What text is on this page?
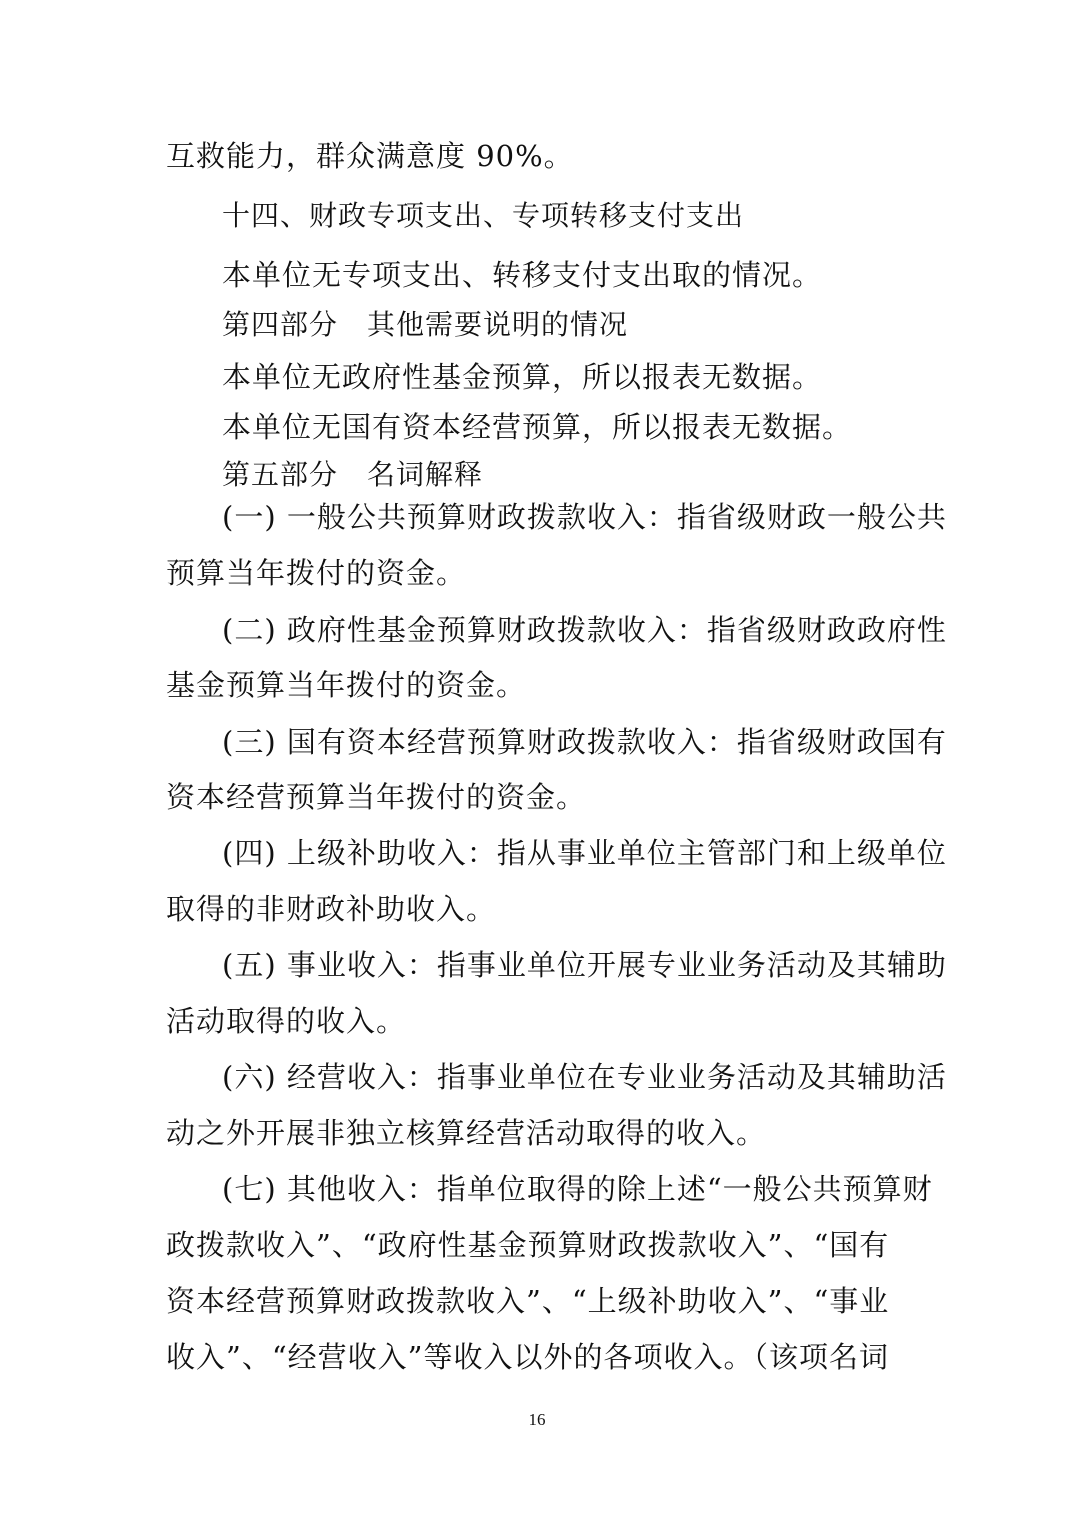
互救能力，群众满意度 90%。
十四、财政专项支出、专项转移支付支出
本单位无专项支出、转移支付支出取的情况。
第四部分　其他需要说明的情况
本单位无政府性基金预算，所以报表无数据。
本单位无国有资本经营预算，所以报表无数据。
第五部分　名词解释
(一) 一般公共预算财政拨款收入：指省级财政一般公共
预算当年拨付的资金。
(二) 政府性基金预算财政拨款收入：指省级财政政府性
基金预算当年拨付的资金。
(三) 国有资本经营预算财政拨款收入：指省级财政国有
资本经营预算当年拨付的资金。
(四) 上级补助收入：指从事业单位主管部门和上级单位
取得的非财政补助收入。
(五) 事业收入：指事业单位开展专业业务活动及其辅助
活动取得的收入。
(六) 经营收入：指事业单位在专业业务活动及其辅助活
动之外开展非独立核算经营活动取得的收入。
(七) 其他收入：指单位取得的除上述“一般公共预算财
政拨款收入”、“政府性基金预算财政拨款收入”、“国有
资本经营预算财政拨款收入”、“上级补助收入”、“事业
收入”、“经营收入”等收入以外的各项收入。（该项名词
16
